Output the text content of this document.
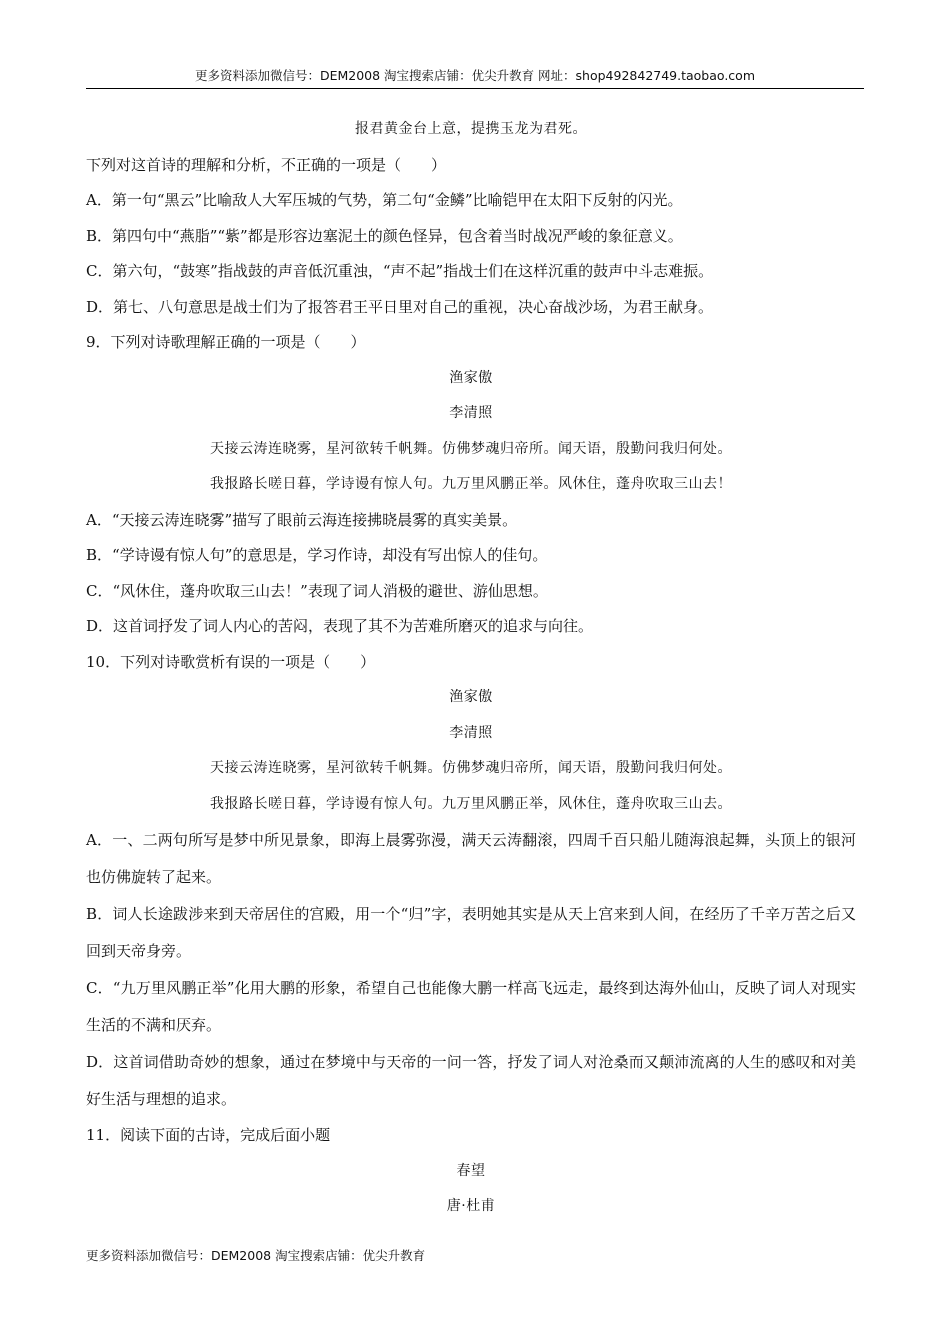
更多资料添加微信号：DEM2008 淘宝搜索店铺：优尖升教育 网址：shop492842749.taobao.com
报君黄金台上意，提携玉龙为君死。
下列对这首诗的理解和分析，不正确的一项是（　　）
A．第一句“黑云”比喻敌人大军压城的气势，第二句“金鳞”比喻铠甲在太阳下反射的闪光。
B．第四句中“燕脂”“紫”都是形容边塞泥土的颜色怪异，包含着当时战况严峻的象征意义。
C．第六句，“鼓寒”指战鼓的声音低沉重浊，“声不起”指战士们在这样沉重的鼓声中斗志难振。
D．第七、八句意思是战士们为了报答君王平日里对自己的重视，决心奋战沙场，为君王献身。
9．下列对诗歌理解正确的一项是（　　）
渔家傲
李清照
天接云涛连晓雾，星河欲转千帆舞。仿佛梦魂归帝所。闻天语，殷勤问我归何处。
我报路长嗟日暮，学诗谩有惊人句。九万里风鹏正举。风休住，蓬舟吹取三山去！
A．“天接云涛连晓雾”描写了眼前云海连接拂晓晨雾的真实美景。
B．“学诗谩有惊人句”的意思是，学习作诗，却没有写出惊人的佳句。
C．“风休住，蓬舟吹取三山去！”表现了词人消极的避世、游仙思想。
D．这首词抒发了词人内心的苦闷，表现了其不为苦难所磨灭的追求与向往。
10．下列对诗歌赏析有误的一项是（　　）
渔家傲
李清照
天接云涛连晓雾，星河欲转千帆舞。仿佛梦魂归帝所，闻天语，殷勤问我归何处。
我报路长嗟日暮，学诗谩有惊人句。九万里风鹏正举，风休住，蓬舟吹取三山去。
A．一、二两句所写是梦中所见景象，即海上晨雾弥漫，满天云涛翻滚，四周千百只船儿随海浪起舞，头顶上的银河也仿佛旋转了起来。
B．词人长途跋涉来到天帝居住的宫殿，用一个“归”字，表明她其实是从天上宫来到人间，在经历了千辛万苦之后又回到天帝身旁。
C．“九万里风鹏正举”化用大鹏的形象，希望自己也能像大鹏一样高飞远走，最终到达海外仙山，反映了词人对现实生活的不满和厌弃。
D．这首词借助奇妙的想象，通过在梦境中与天帝的一问一答，抒发了词人对沧桑而又颠沛流离的人生的感叹和对美好生活与理想的追求。
11．阅读下面的古诗，完成后面小题
春望
唐·杜甫
更多资料添加微信号：DEM2008 淘宝搜索店铺：优尖升教育
